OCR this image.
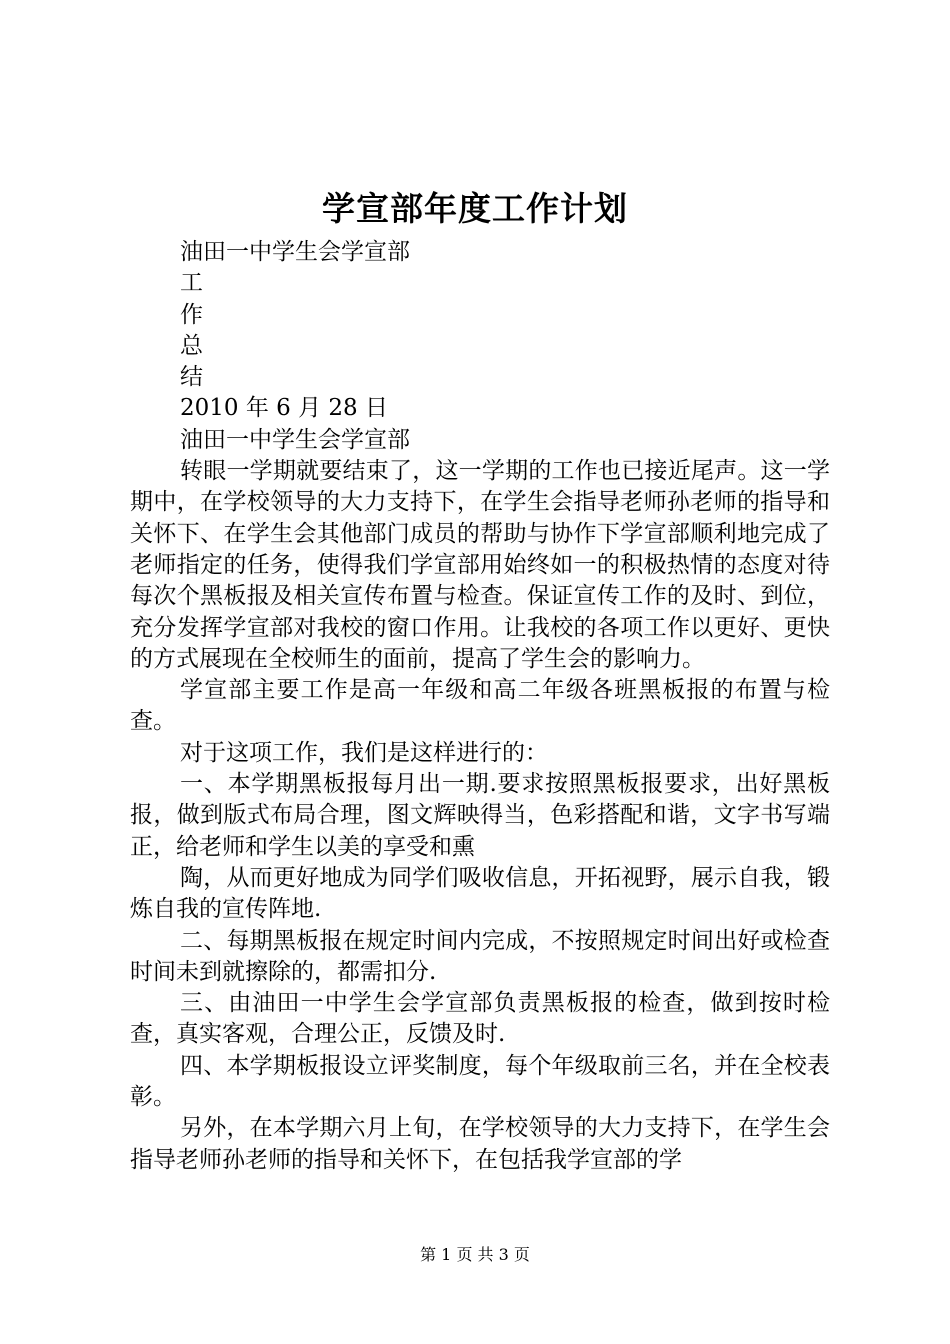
学宣部年度工作计划

油田一中学生会学宣部

工

作

总

结

2010 年 6 月 28 日

油田一中学生会学宣部

转眼一学期就要结束了，这一学期的工作也已接近尾声。这一学期中，在学校领导的大力支持下，在学生会指导老师孙老师的指导和关怀下、在学生会其他部门成员的帮助与协作下学宣部顺利地完成了老师指定的任务，使得我们学宣部用始终如一的积极热情的态度对待每次个黑板报及相关宣传布置与检查。保证宣传工作的及时、到位，充分发挥学宣部对我校的窗口作用。让我校的各项工作以更好、更快的方式展现在全校师生的面前，提高了学生会的影响力。

学宣部主要工作是高一年级和高二年级各班黑板报的布置与检查。

对于这项工作，我们是这样进行的：

一、本学期黑板报每月出一期.要求按照黑板报要求，出好黑板报，做到版式布局合理，图文辉映得当，色彩搭配和谐，文字书写端正，给老师和学生以美的享受和熏

陶，从而更好地成为同学们吸收信息，开拓视野，展示自我，锻炼自我的宣传阵地.

二、每期黑板报在规定时间内完成，不按照规定时间出好或检查时间未到就擦除的，都需扣分.

三、由油田一中学生会学宣部负责黑板报的检查，做到按时检查，真实客观，合理公正，反馈及时.

四、本学期板报设立评奖制度，每个年级取前三名，并在全校表彰。

另外，在本学期六月上旬，在学校领导的大力支持下，在学生会指导老师孙老师的指导和关怀下，在包括我学宣部的学

第 1 页 共 3 页
